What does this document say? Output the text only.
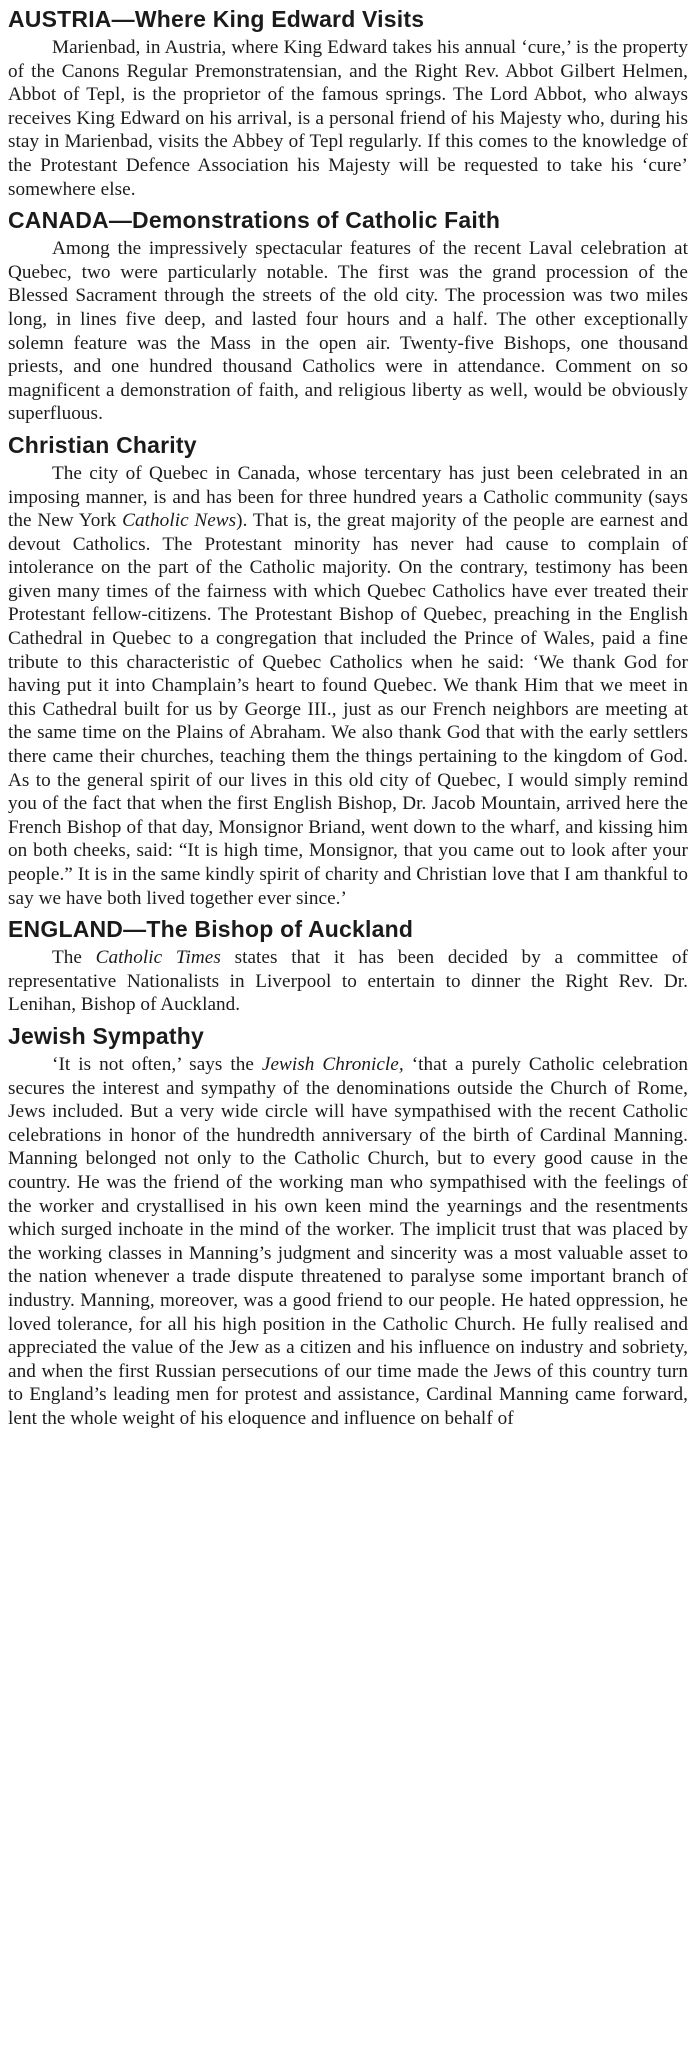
AUSTRIA—Where King Edward Visits

Marienbad, in Austria, where King Edward takes his annual ‘cure,’ is the property of the Canons Regular Premonstratensian, and the Right Rev. Abbot Gilbert Helmen, Abbot of Tepl, is the proprietor of the famous springs. The Lord Abbot, who always receives King Edward on his arrival, is a personal friend of his Majesty who, during his stay in Marienbad, visits the Abbey of Tepl regularly. If this comes to the knowledge of the Protestant Defence Association his Majesty will be requested to take his ‘cure’ somewhere else.

CANADA—Demonstrations of Catholic Faith

Among the impressively spectacular features of the recent Laval celebration at Quebec, two were particularly notable. The first was the grand procession of the Blessed Sacrament through the streets of the old city. The procession was two miles long, in lines five deep, and lasted four hours and a half. The other exceptionally solemn feature was the Mass in the open air. Twenty-five Bishops, one thousand priests, and one hundred thousand Catholics were in attendance. Comment on so magnificent a demonstration of faith, and religious liberty as well, would be obviously superfluous.

Christian Charity

The city of Quebec in Canada, whose tercentary has just been celebrated in an imposing manner, is and has been for three hundred years a Catholic community (says the New York Catholic News). That is, the great majority of the people are earnest and devout Catholics. The Protestant minority has never had cause to complain of intolerance on the part of the Catholic majority. On the contrary, testimony has been given many times of the fairness with which Quebec Catholics have ever treated their Protestant fellow-citizens. The Protestant Bishop of Quebec, preaching in the English Cathedral in Quebec to a congregation that included the Prince of Wales, paid a fine tribute to this characteristic of Quebec Catholics when he said: ‘We thank God for having put it into Champlain’s heart to found Quebec. We thank Him that we meet in this Cathedral built for us by George III., just as our French neighbors are meeting at the same time on the Plains of Abraham. We also thank God that with the early settlers there came their churches, teaching them the things pertaining to the kingdom of God. As to the general spirit of our lives in this old city of Quebec, I would simply remind you of the fact that when the first English Bishop, Dr. Jacob Mountain, arrived here the French Bishop of that day, Monsignor Briand, went down to the wharf, and kissing him on both cheeks, said: “It is high time, Monsignor, that you came out to look after your people.” It is in the same kindly spirit of charity and Christian love that I am thankful to say we have both lived together ever since.’

ENGLAND—The Bishop of Auckland

The Catholic Times states that it has been decided by a committee of representative Nationalists in Liverpool to entertain to dinner the Right Rev. Dr. Lenihan, Bishop of Auckland.

Jewish Sympathy

‘It is not often,’ says the Jewish Chronicle, ‘that a purely Catholic celebration secures the interest and sympathy of the denominations outside the Church of Rome, Jews included. But a very wide circle will have sympathised with the recent Catholic celebrations in honor of the hundredth anniversary of the birth of Cardinal Manning. Manning belonged not only to the Catholic Church, but to every good cause in the country. He was the friend of the working man who sympathised with the feelings of the worker and crystallised in his own keen mind the yearnings and the resentments which surged inchoate in the mind of the worker. The implicit trust that was placed by the working classes in Manning’s judgment and sincerity was a most valuable asset to the nation whenever a trade dispute threatened to paralyse some important branch of industry. Manning, moreover, was a good friend to our people. He hated oppression, he loved tolerance, for all his high position in the Catholic Church. He fully realised and appreciated the value of the Jew as a citizen and his influence on industry and sobriety, and when the first Russian persecutions of our time made the Jews of this country turn to England’s leading men for protest and assistance, Cardinal Manning came forward, lent the whole weight of his eloquence and influence on behalf of
